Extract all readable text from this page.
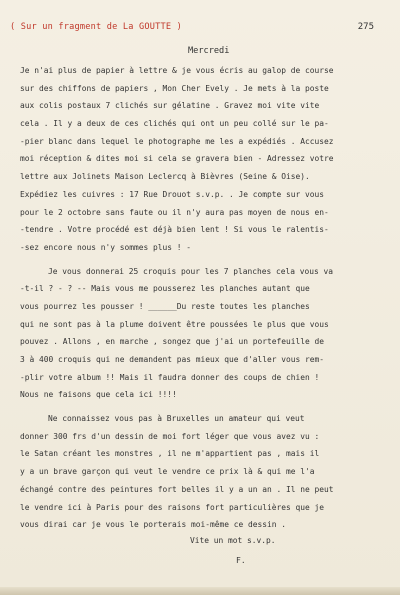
( Sur un fragment de La GOUTTE )	275
Mercredi
Je n'ai plus de papier à lettre & je vous écris au galop de course
sur des chiffons de papiers , Mon Cher Evely . Je mets à la poste
aux colis postaux 7 clichés sur gélatine . Gravez moi vite vite
cela . Il y a deux de ces clichés qui ont un peu collé sur le pa-
-pier blanc dans lequel le photographe me les a expédiés . Accusez
moi réception & dites moi si cela se gravera bien - Adressez votre
lettre aux Jolinets Maison Leclercq à Bièvres (Seine & Oise).
Expédiez les cuivres : 17 Rue Drouot s.v.p. . Je compte sur vous
pour le 2 octobre sans faute ou il n'y aura pas moyen de nous en-
-tendre . Votre procédé est déjà bien lent ! Si vous le ralentis-
-sez encore nous n'y sommes plus ! -
Je vous donnerai 25 croquis pour les 7 planches cela vous va
-t-il ? - ? -- Mais vous me pousserez les planches autant que
vous pourrez les pousser ! ______Du reste toutes les planches
qui ne sont pas à la plume doivent être poussées le plus que vous
pouvez . Allons , en marche , songez que j'ai un portefeuille de
3 à 400 croquis qui ne demandent pas mieux que d'aller vous rem-
-plir votre album !! Mais il faudra donner des coups de chien !
Nous ne faisons que cela ici !!!!
Ne connaissez vous pas à Bruxelles un amateur qui veut
donner 300 frs d'un dessin de moi fort léger que vous avez vu :
le Satan créant les monstres , il ne m'appartient pas , mais il
y a un brave garçon qui veut le vendre ce prix là & qui me l'a
échangé contre des peintures fort belles il y a un an . Il ne peut
le vendre ici à Paris pour des raisons fort particulières que je
vous dirai car je vous le porterais moi-même ce dessin .
Vite un mot s.v.p.
F.
